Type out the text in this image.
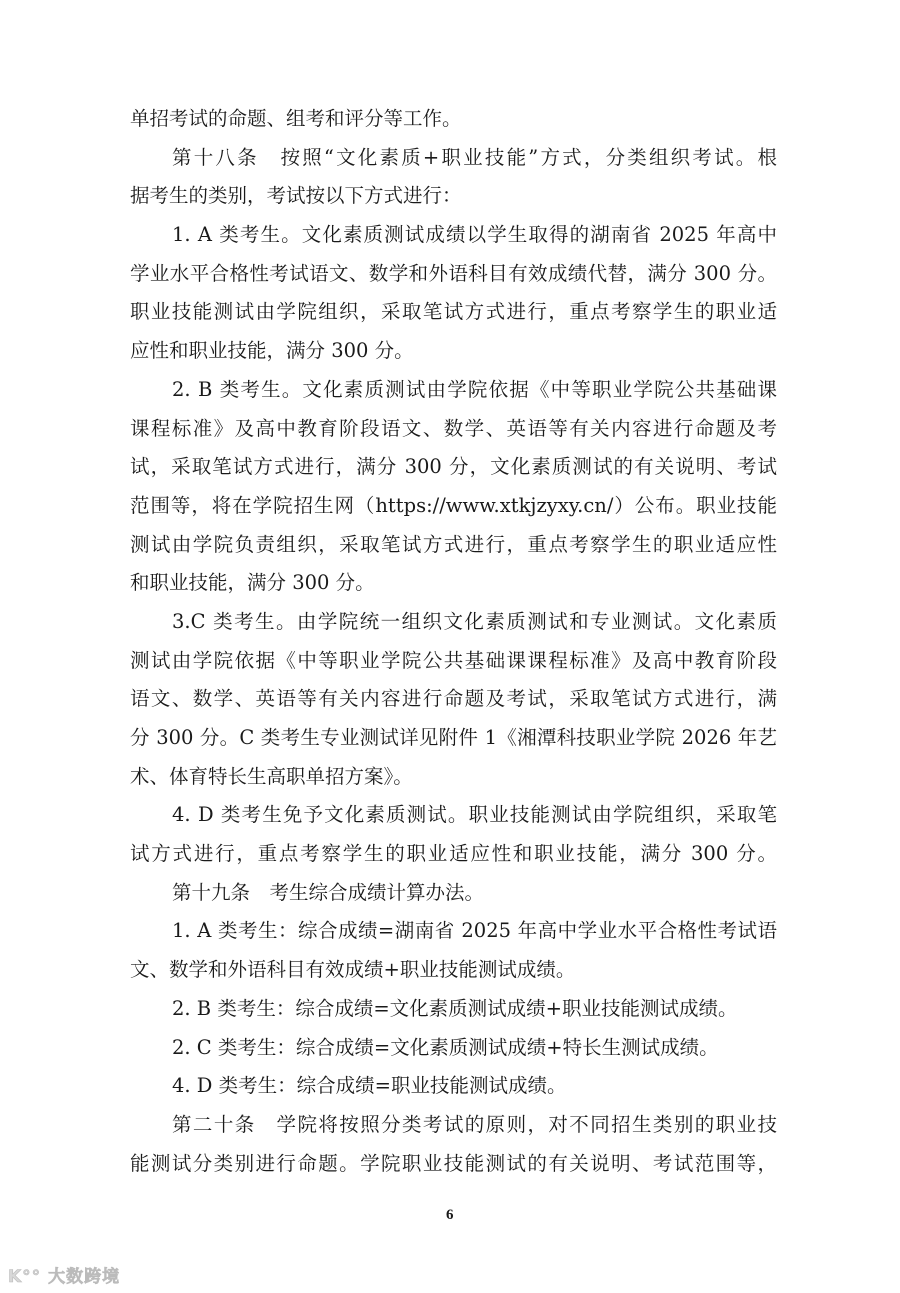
单招考试的命题、组考和评分等工作。
第十八条　按照“文化素质+职业技能”方式，分类组织考试。根
据考生的类别，考试按以下方式进行：
1. A 类考生。文化素质测试成绩以学生取得的湖南省 2025 年高中
学业水平合格性考试语文、数学和外语科目有效成绩代替，满分 300 分。
职业技能测试由学院组织，采取笔试方式进行，重点考察学生的职业适
应性和职业技能，满分 300 分。
2. B 类考生。文化素质测试由学院依据《中等职业学院公共基础课
课程标准》及高中教育阶段语文、数学、英语等有关内容进行命题及考
试，采取笔试方式进行，满分 300 分，文化素质测试的有关说明、考试
范围等，将在学院招生网（https://www.xtkjzyxy.cn/）公布。职业技能
测试由学院负责组织，采取笔试方式进行，重点考察学生的职业适应性
和职业技能，满分 300 分。
3.C 类考生。由学院统一组织文化素质测试和专业测试。文化素质
测试由学院依据《中等职业学院公共基础课课程标准》及高中教育阶段
语文、数学、英语等有关内容进行命题及考试，采取笔试方式进行，满
分 300 分。C 类考生专业测试详见附件 1《湘潭科技职业学院 2026 年艺
术、体育特长生高职单招方案》。
4. D 类考生免予文化素质测试。职业技能测试由学院组织，采取笔
试方式进行，重点考察学生的职业适应性和职业技能，满分 300 分。
第十九条　考生综合成绩计算办法。
1. A 类考生：综合成绩=湖南省 2025 年高中学业水平合格性考试语
文、数学和外语科目有效成绩+职业技能测试成绩。
2. B 类考生：综合成绩=文化素质测试成绩+职业技能测试成绩。
2. C 类考生：综合成绩=文化素质测试成绩+特长生测试成绩。
4. D 类考生：综合成绩=职业技能测试成绩。
第二十条　学院将按照分类考试的原则，对不同招生类别的职业技
能测试分类别进行命题。学院职业技能测试的有关说明、考试范围等，
6
K°° 大数跨境
